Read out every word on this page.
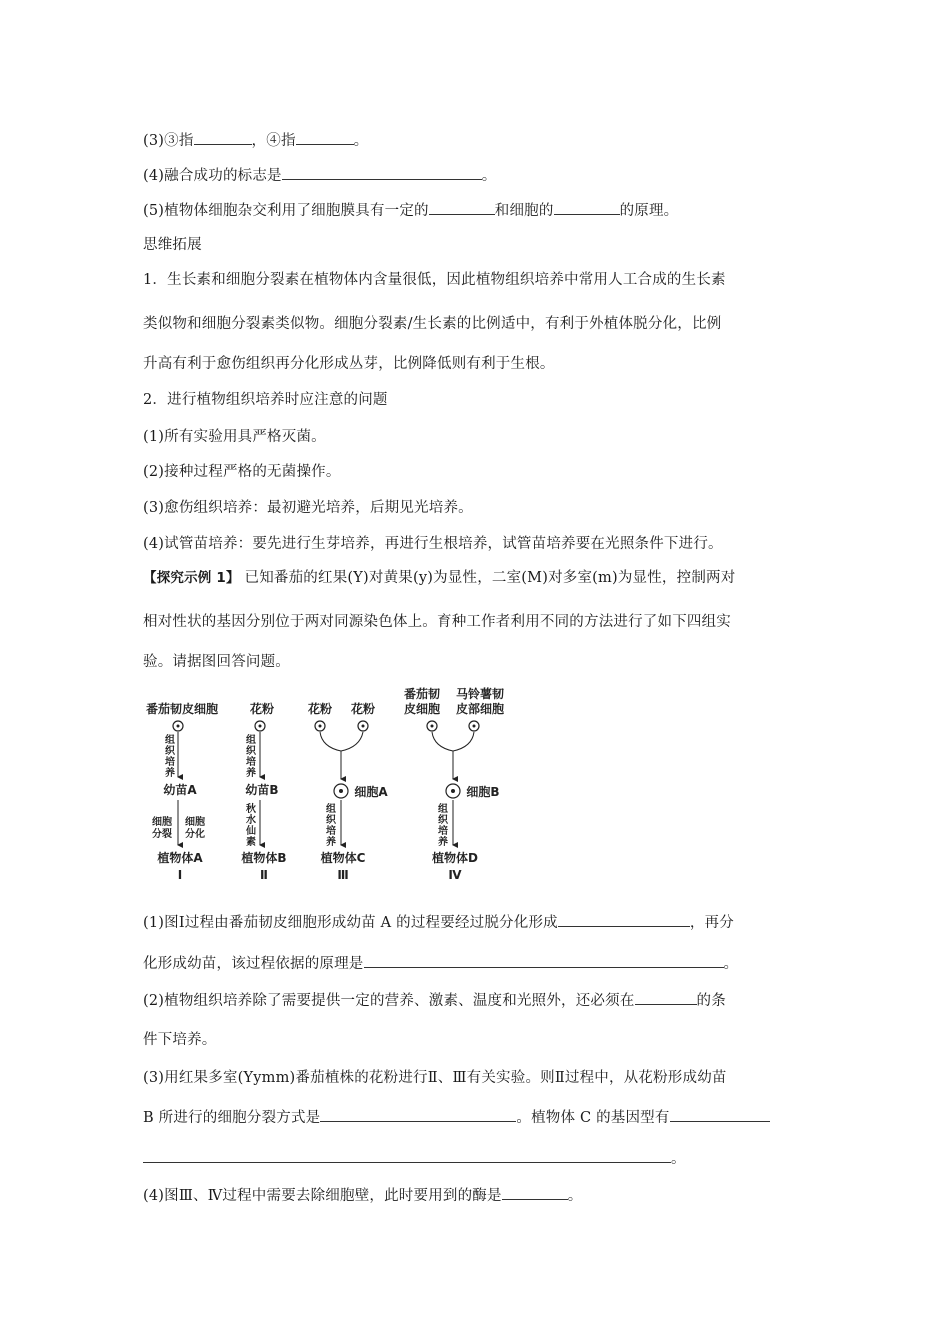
(3)③指	，④指	。
(4)融合成功的标志是	。
(5)植物体细胞杂交利用了细胞膜具有一定的	和细胞的	的原理。
思维拓展
1．生长素和细胞分裂素在植物体内含量很低，因此植物组织培养中常用人工合成的生长素
类似物和细胞分裂素类似物。细胞分裂素/生长素的比例适中，有利于外植体脱分化，比例
升高有利于愈伤组织再分化形成丛芽，比例降低则有利于生根。
2．进行植物组织培养时应注意的问题
(1)所有实验用具严格灭菌。
(2)接种过程严格的无菌操作。
(3)愈伤组织培养：最初避光培养，后期见光培养。
(4)试管苗培养：要先进行生芽培养，再进行生根培养，试管苗培养要在光照条件下进行。
【探究示例 1】 已知番茄的红果(Y)对黄果(y)为显性，二室(M)对多室(m)为显性，控制两对
相对性状的基因分别位于两对同源染色体上。育种工作者利用不同的方法进行了如下四组实
验。请据图回答问题。
番茄韧皮细胞
组
织
培
养
幼苗A
细胞
分裂
细胞
分化
植物体A
Ⅰ
花粉
组
织
培
养
幼苗B
秋
水
仙
素
植物体B
Ⅱ
花粉 花粉
细胞A
组
织
培
养
植物体C
Ⅲ
番茄韧
皮细胞
马铃薯韧
皮部细胞
细胞B
组
织
培
养
植物体D
Ⅳ
(1)图Ⅰ过程由番茄韧皮细胞形成幼苗 A 的过程要经过脱分化形成	，再分
化形成幼苗，该过程依据的原理是	。
(2)植物组织培养除了需要提供一定的营养、激素、温度和光照外，还必须在	的条
件下培养。
(3)用红果多室(Yymm)番茄植株的花粉进行Ⅱ、Ⅲ有关实验。则Ⅱ过程中，从花粉形成幼苗
B 所进行的细胞分裂方式是	。植物体 C 的基因型有
。
(4)图Ⅲ、Ⅳ过程中需要去除细胞壁，此时要用到的酶是	。
